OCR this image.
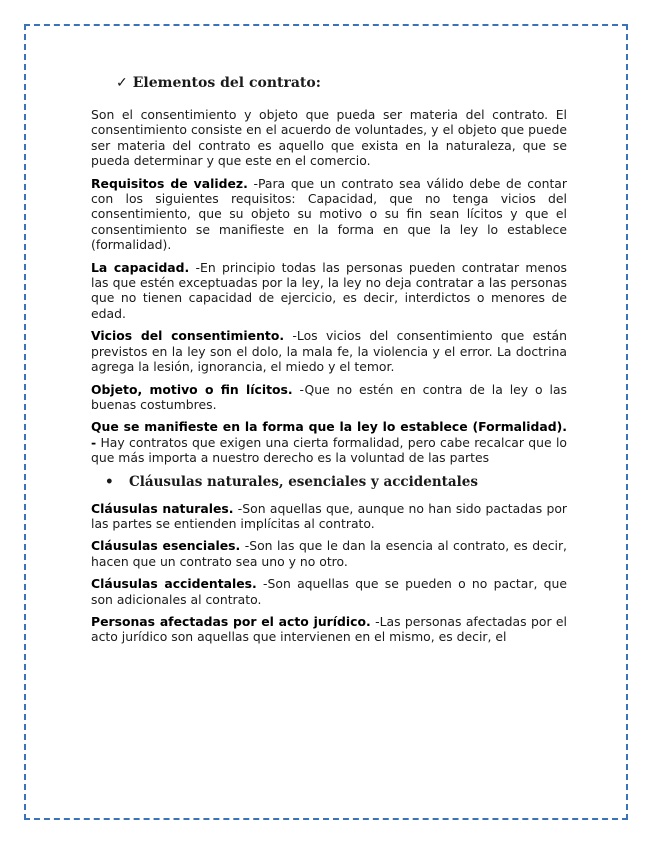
✓ Elementos del contrato:

Son el consentimiento y objeto que pueda ser materia del contrato. El consentimiento consiste en el acuerdo de voluntades, y el objeto que puede ser materia del contrato es aquello que exista en la naturaleza, que se pueda determinar y que este en el comercio.

Requisitos de validez. -Para que un contrato sea válido debe de contar con los siguientes requisitos: Capacidad, que no tenga vicios del consentimiento, que su objeto su motivo o su fin sean lícitos y que el consentimiento se manifieste en la forma en que la ley lo establece (formalidad).

La capacidad. -En principio todas las personas pueden contratar menos las que estén exceptuadas por la ley, la ley no deja contratar a las personas que no tienen capacidad de ejercicio, es decir, interdictos o menores de edad.

Vicios del consentimiento. -Los vicios del consentimiento que están previstos en la ley son el dolo, la mala fe, la violencia y el error. La doctrina agrega la lesión, ignorancia, el miedo y el temor.

Objeto, motivo o fin lícitos. -Que no estén en contra de la ley o las buenas costumbres.

Que se manifieste en la forma que la ley lo establece (Formalidad). - Hay contratos que exigen una cierta formalidad, pero cabe recalcar que lo que más importa a nuestro derecho es la voluntad de las partes

• Cláusulas naturales, esenciales y accidentales

Cláusulas naturales. -Son aquellas que, aunque no han sido pactadas por las partes se entienden implícitas al contrato.

Cláusulas esenciales. -Son las que le dan la esencia al contrato, es decir, hacen que un contrato sea uno y no otro.

Cláusulas accidentales. -Son aquellas que se pueden o no pactar, que son adicionales al contrato.

Personas afectadas por el acto jurídico. -Las personas afectadas por el acto jurídico son aquellas que intervienen en el mismo, es decir, el
